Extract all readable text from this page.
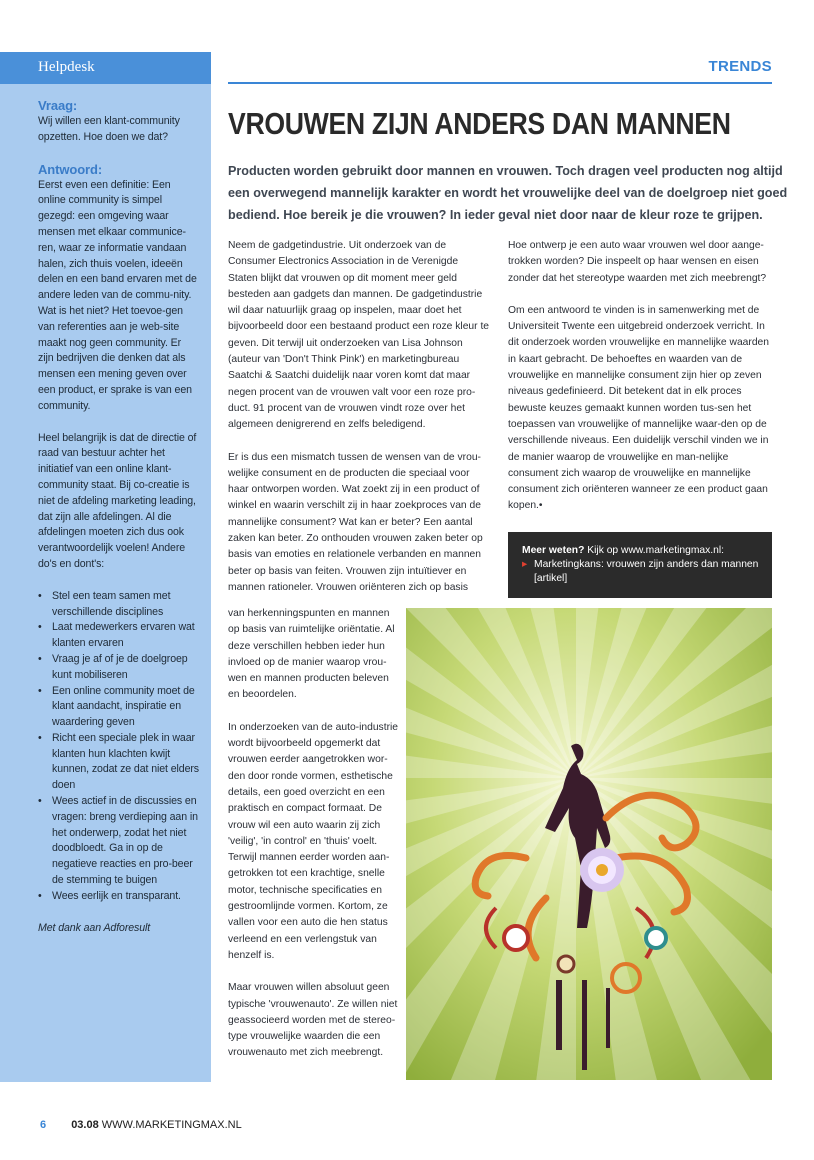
Helpdesk
Vraag:

Wij willen een klant-community opzetten. Hoe doen we dat?

Antwoord:

Eerst even een definitie: Een online community is simpel gezegd: een omgeving waar mensen met elkaar communice-ren, waar ze informatie vandaan halen, zich thuis voelen, ideeën delen en een band ervaren met de andere leden van de commu-nity. Wat is het niet? Het toevoe-gen van referenties aan je web-site maakt nog geen community. Er zijn bedrijven die denken dat als mensen een mening geven over een product, er sprake is van een community.

Heel belangrijk is dat de directie of raad van bestuur achter het initiatief van een online klant-community staat. Bij co-creatie is niet de afdeling marketing leading, dat zijn alle afdelingen. Al die afdelingen moeten zich dus ook verantwoordelijk voelen! Andere do's en dont's:

• Stel een team samen met verschillende disciplines
• Laat medewerkers ervaren wat klanten ervaren
• Vraag je af of je de doelgroep kunt mobiliseren
• Een online community moet de klant aandacht, inspiratie en waardering geven
• Richt een speciale plek in waar klanten hun klachten kwijt kunnen, zodat ze dat niet elders doen
• Wees actief in de discussies en vragen: breng verdieping aan in het onderwerp, zodat het niet doodbloedt. Ga in op de negatieve reacties en pro-beer de stemming te buigen
• Wees eerlijk en transparant.

Met dank aan Adforesult

TRENDS
VROUWEN ZIJN ANDERS DAN MANNEN

Producten worden gebruikt door mannen en vrouwen. Toch dragen veel producten nog altijd een overwegend mannelijk karakter en wordt het vrouwelijke deel van de doelgroep niet goed bediend. Hoe bereik je die vrouwen? In ieder geval niet door naar de kleur roze te grijpen.

Neem de gadgetindustrie. Uit onderzoek van de Consumer Electronics Association in de Verenigde Staten blijkt dat vrouwen op dit moment meer geld besteden aan gadgets dan mannen. De gadgetindustrie wil daar natuurlijk graag op inspelen, maar doet het bijvoorbeeld door een bestaand product een roze kleur te geven. Dit terwijl uit onderzoeken van Lisa Johnson (auteur van 'Don't Think Pink') en marketingbureau Saatchi & Saatchi duidelijk naar voren komt dat maar negen procent van de vrouwen valt voor een roze pro-duct. 91 procent van de vrouwen vindt roze over het algemeen denigrerend en zelfs beledigend.

Er is dus een mismatch tussen de wensen van de vrou-welijke consument en de producten die speciaal voor haar ontworpen worden. Wat zoekt zij in een product of winkel en waarin verschilt zij in haar zoekproces van de mannelijke consument? Wat kan er beter? Een aantal zaken kan beter. Zo onthouden vrouwen zaken beter op basis van emoties en relationele verbanden en mannen beter op basis van feiten. Vrouwen zijn intuïtiever en mannen rationeler. Vrouwen oriënteren zich op basis

van herkenningspunten en mannen op basis van ruimtelijke oriëntatie. Al deze verschillen hebben ieder hun invloed op de manier waarop vrou-wen en mannen producten beleven en beoordelen.

In onderzoeken van de auto-industrie wordt bijvoorbeeld opgemerkt dat vrouwen eerder aangetrokken wor-den door ronde vormen, esthetische details, een goed overzicht en een praktisch en compact formaat. De vrouw wil een auto waarin zij zich 'veilig', 'in control' en 'thuis' voelt. Terwijl mannen eerder worden aan-getrokken tot een krachtige, snelle motor, technische specificaties en gestroomlijnde vormen. Kortom, ze vallen voor een auto die hen status verleend en een verlengstuk van henzelf is.

Maar vrouwen willen absoluut geen typische 'vrouwenauto'. Ze willen niet geassocieerd worden met de stereo-type vrouwelijke waarden die een vrouwenauto met zich meebrengt.

Hoe ontwerp je een auto waar vrouwen wel door aange-trokken worden? Die inspeelt op haar wensen en eisen zonder dat het stereotype waarden met zich meebrengt?

Om een antwoord te vinden is in samenwerking met de Universiteit Twente een uitgebreid onderzoek verricht. In dit onderzoek worden vrouwelijke en mannelijke waarden in kaart gebracht. De behoeftes en waarden van de vrouwelijke en mannelijke consument zijn hier op zeven niveaus gedefinieerd. Dit betekent dat in elk proces bewuste keuzes gemaakt kunnen worden tus-sen het toepassen van vrouwelijke of mannelijke waar-den op de verschillende niveaus. Een duidelijk verschil vinden we in de manier waarop de vrouwelijke en man-nelijke consument zich waarop de vrouwelijke en mannelijke consument zich oriënteren wanneer ze een product gaan kopen.•

Meer weten? Kijk op www.marketingmax.nl:
▸ Marketingkans: vrouwen zijn anders dan mannen [artikel]
6 03.08 WWW.MARKETINGMAX.NL
